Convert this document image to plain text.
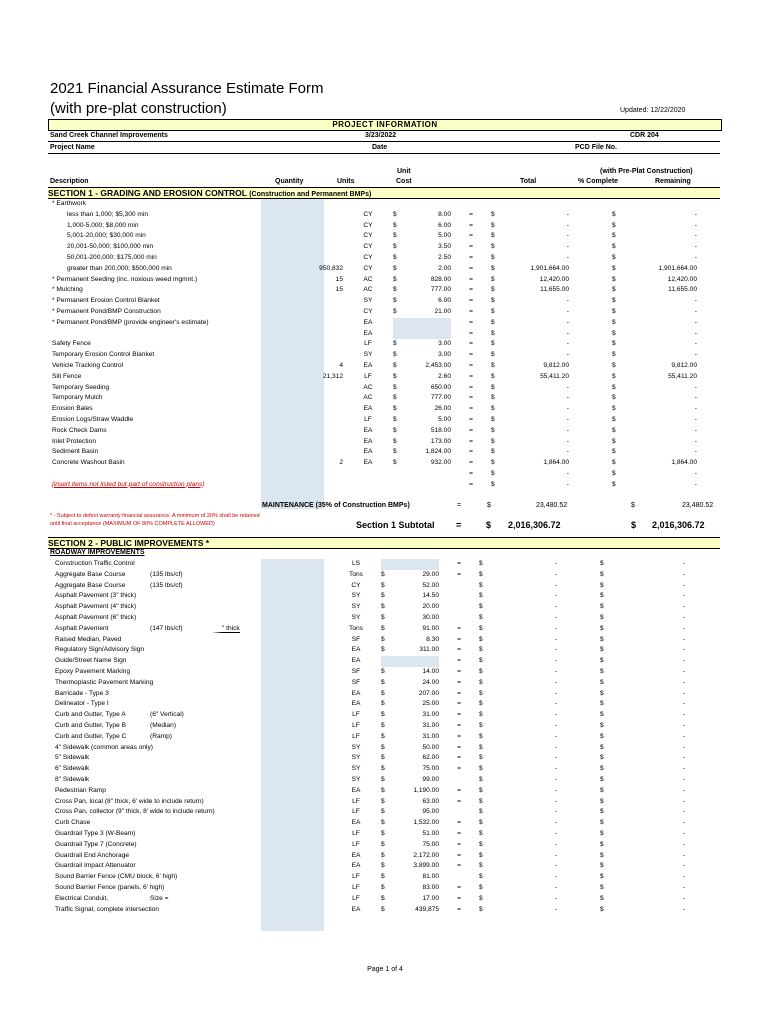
2021 Financial Assurance Estimate Form
(with pre-plat construction)	Updated: 12/22/2020
PROJECT INFORMATION
Sand Creek Channel Improvements	3/23/2022	CDR 204
Project Name	Date	PCD File No.
Unit	(with Pre-Plat Construction)
Description	Quantity	Units	Cost	Total	% Complete	Remaining
SECTION 1 - GRADING AND EROSION CONTROL (Construction and Permanent BMPs)
* Earthwork										
less than 1,000; $5,300 min		CY	$	8.00	=	$	-		$	-
1,000-5,000; $8,000 min		CY	$	6.00	=	$	-		$	-
5,001-20,000; $30,000 min		CY	$	5.00	=	$	-		$	-
20,001-50,000; $100,000 min		CY	$	3.50	=	$	-		$	-
50,001-200,000; $175,000 min		CY	$	2.50	=	$	-		$	-
greater than 200,000; $500,000 min	950,832	CY	$	2.00	=	$	1,901,664.00		$	1,901,664.00
* Permanent Seeding (inc. noxious weed mgmnt.)	15	AC	$	828.00	=	$	12,420.00		$	12,420.00
* Mulching	15	AC	$	777.00	=	$	11,655.00		$	11,655.00
* Permanent Erosion Control Blanket		SY	$	6.00	=	$	-		$	-
* Permanent Pond/BMP Construction		CY	$	21.00	=	$	-		$	-
* Permanent Pond/BMP (provide engineer's estimate)		EA			=	$	-		$	-
		EA			=	$	-		$	-
Safety Fence		LF	$	3.00	=	$	-		$	-
Temporary Erosion Control Blanket		SY	$	3.00	=	$	-		$	-
Vehicle Tracking Control	4	EA	$	2,453.00	=	$	9,812.00		$	9,812.00
Silt Fence	21,312	LF	$	2.60	=	$	55,411.20		$	55,411.20
Temporary Seeding		AC	$	650.00	=	$	-		$	-
Temporary Mulch		AC	$	777.00	=	$	-		$	-
Erosion Bales		EA	$	26.00	=	$	-		$	-
Erosion Logs/Straw Waddle		LF	$	5.00	=	$	-		$	-
Rock Check Dams		EA	$	518.00	=	$	-		$	-
Inlet Protection		EA	$	173.00	=	$	-		$	-
Sediment Basin		EA	$	1,824.00	=	$	-		$	-
Concrete Washout Basin	2	EA	$	932.00	=	$	1,864.00		$	1,864.00
					=	$	-		$	-
[insert items not listed but part of construction plans]					=	$	-		$	-
MAINTENANCE (35% of Construction BMPs)	=	$	23,480.52	$	23,480.52
* - Subject to defect warranty financial assurance. A minimum of 20% shall be retained until final acceptance (MAXIMUM OF 80% COMPLETE ALLOWED)	Section 1 Subtotal =	$ 2,016,306.72	$ 2,016,306.72
SECTION 2 - PUBLIC IMPROVEMENTS *
ROADWAY IMPROVEMENTS
Construction Traffic Control		LS			=	$	-		$	-
Aggregate Base Course (135 lbs/cf)		Tons	$	29.00	=	$	-		$	-
Aggregate Base Course (135 lbs/cf)		CY	$	52.00		$	-		$	-
Asphalt Pavement (3" thick)		SY	$	14.50		$	-		$	-
Asphalt Pavement (4" thick)		SY	$	20.00		$	-		$	-
Asphalt Pavement (6" thick)		SY	$	30.00		$	-		$	-
Asphalt Pavement (147 lbs/cf) " thick		Tons	$	91.00	=	$	-		$	-
Raised Median, Paved		SF	$	8.30	=	$	-		$	-
Regulatory Sign/Advisory Sign		EA	$	311.00	=	$	-		$	-
Guide/Street Name Sign		EA			=	$	-		$	-
Epoxy Pavement Marking		SF	$	14.00	=	$	-		$	-
Thermoplastic Pavement Marking		SF	$	24.00	=	$	-		$	-
Barricade - Type 3		EA	$	207.00	=	$	-		$	-
Delineator - Type I		EA	$	25.00	=	$	-		$	-
Curb and Gutter, Type A (6" Vertical)		LF	$	31.00	=	$	-		$	-
Curb and Gutter, Type B (Median)		LF	$	31.00	=	$	-		$	-
Curb and Gutter, Type C (Ramp)		LF	$	31.00	=	$	-		$	-
4" Sidewalk (common areas only)		SY	$	50.00	=	$	-		$	-
5" Sidewalk		SY	$	62.00	=	$	-		$	-
6" Sidewalk		SY	$	75.00	=	$	-		$	-
8" Sidewalk		SY	$	99.00		$	-		$	-
Pedestrian Ramp		EA	$	1,190.00	=	$	-		$	-
Cross Pan, local (8" thick, 6' wide to include return)		LF	$	63.00	=	$	-		$	-
Cross Pan, collector (9" thick, 8' wide to include return)		LF	$	95.00		$	-		$	-
Curb Chase		EA	$	1,532.00	=	$	-		$	-
Guardrail Type 3 (W-Beam)		LF	$	51.00	=	$	-		$	-
Guardrail Type 7 (Concrete)		LF	$	75.00	=	$	-		$	-
Guardrail End Anchorage		EA	$	2,172.00	=	$	-		$	-
Guardrail Impact Attenuator		EA	$	3,899.00	=	$	-		$	-
Sound Barrier Fence (CMU block, 6' high)		LF	$	81.00		$	-		$	-
Sound Barrier Fence (panels, 6' high)		LF	$	83.00	=	$	-		$	-
Electrical Conduit, Size =		LF	$	17.00	=	$	-		$	-
Traffic Signal, complete intersection		EA	$	439,875	=	$	-		$	-
Page 1 of 4
